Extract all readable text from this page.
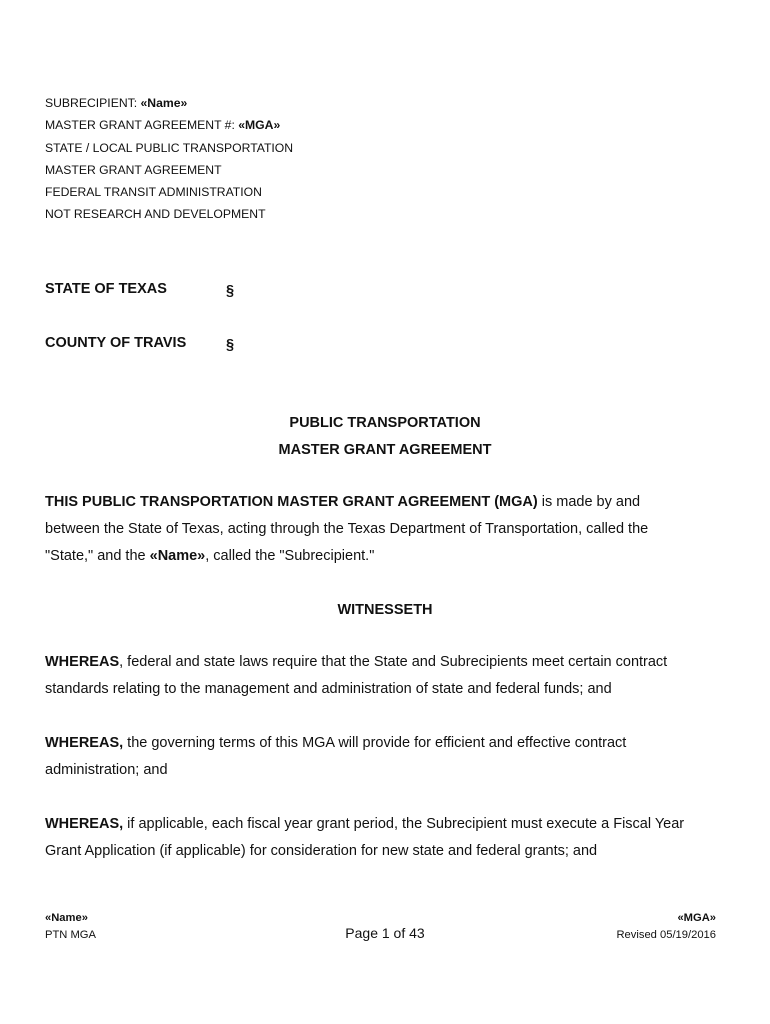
SUBRECIPIENT: «Name»
MASTER GRANT AGREEMENT #: «MGA»
STATE / LOCAL PUBLIC TRANSPORTATION
MASTER GRANT AGREEMENT
FEDERAL TRANSIT ADMINISTRATION
NOT RESEARCH AND DEVELOPMENT
STATE OF TEXAS	§
COUNTY OF TRAVIS	§
PUBLIC TRANSPORTATION
MASTER GRANT AGREEMENT
THIS PUBLIC TRANSPORTATION MASTER GRANT AGREEMENT (MGA) is made by and
between the State of Texas, acting through the Texas Department of Transportation, called the
"State," and the «Name», called the "Subrecipient."
WITNESSETH
WHEREAS, federal and state laws require that the State and Subrecipients meet certain contract
standards relating to the management and administration of state and federal funds; and
WHEREAS, the governing terms of this MGA will provide for efficient and effective contract
administration; and
WHEREAS, if applicable, each fiscal year grant period, the Subrecipient must execute a Fiscal Year
Grant Application (if applicable) for consideration for new state and federal grants; and
«Name»
PTN MGA	Page 1 of 43
«MGA»
Revised 05/19/2016
